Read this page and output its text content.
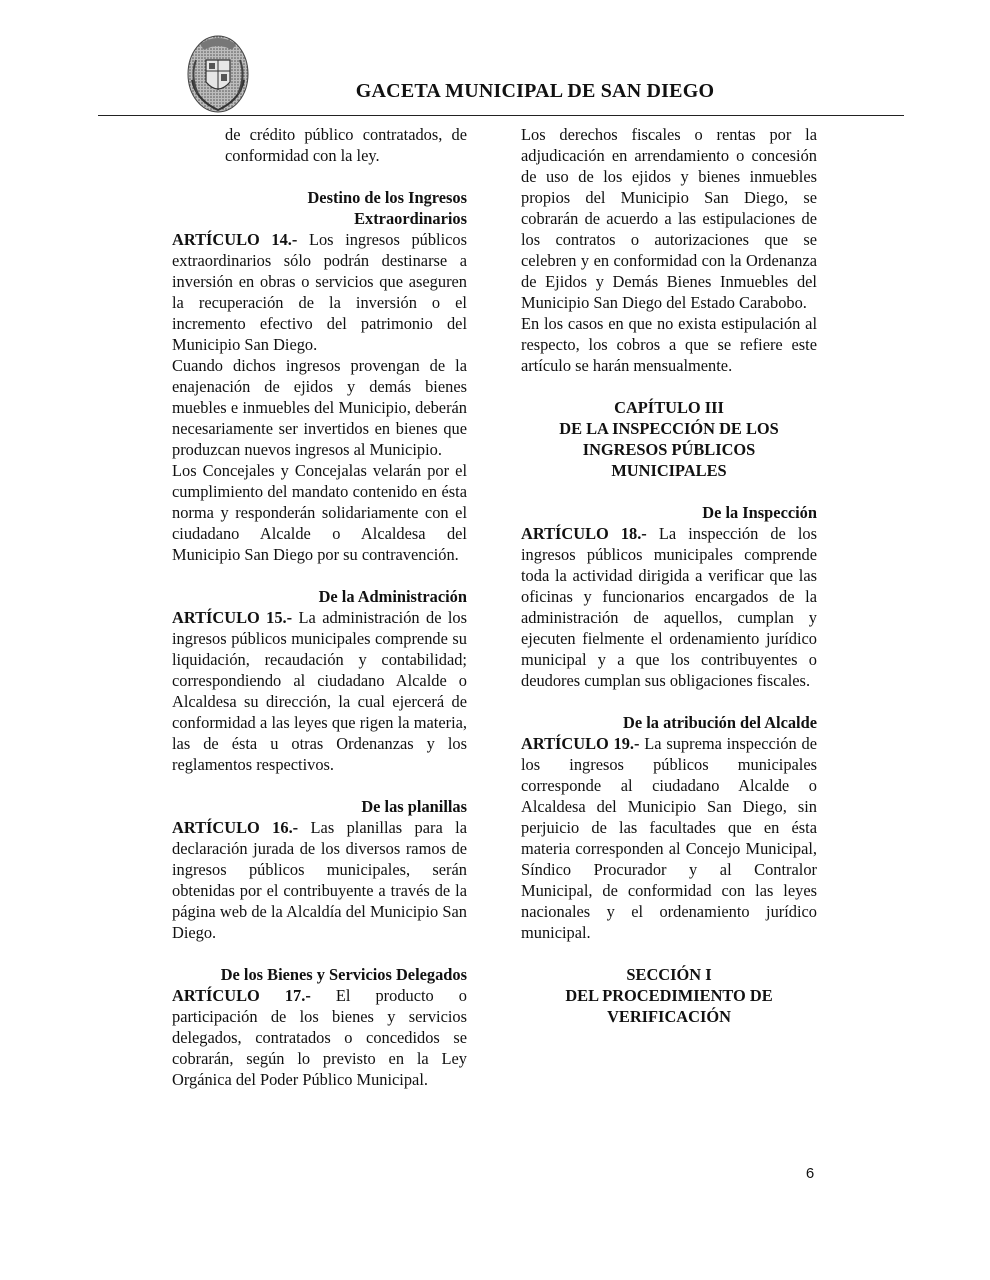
GACETA MUNICIPAL DE SAN DIEGO

de crédito público contratados, de conformidad con la ley.

Destino de los Ingresos

Extraordinarios

ARTÍCULO 14.- Los ingresos públicos extraordinarios sólo podrán destinarse a inversión en obras o servicios que aseguren la recuperación de la inversión o el incremento efectivo del patrimonio del Municipio San Diego.

Cuando dichos ingresos provengan de la enajenación de ejidos y demás bienes muebles e inmuebles del Municipio, deberán necesariamente ser invertidos en bienes que produzcan nuevos ingresos al Municipio.

Los Concejales y Concejalas velarán por el cumplimiento del mandato contenido en ésta norma y responderán solidariamente con el ciudadano Alcalde o Alcaldesa del Municipio San Diego por su contravención.

De la Administración

ARTÍCULO 15.- La administración de los ingresos públicos municipales comprende su liquidación, recaudación y contabilidad; correspondiendo al ciudadano Alcalde o Alcaldesa su dirección, la cual ejercerá de conformidad a las leyes que rigen la materia, las de ésta u otras Ordenanzas y los reglamentos respectivos.

De las planillas

ARTÍCULO 16.- Las planillas para la declaración jurada de los diversos ramos de ingresos públicos municipales, serán obtenidas por el contribuyente a través de la página web de la Alcaldía del Municipio San Diego.

De los Bienes y Servicios Delegados

ARTÍCULO 17.- El producto o participación de los bienes y servicios delegados, contratados o concedidos se cobrarán, según lo previsto en la Ley Orgánica del Poder Público Municipal.

Los derechos fiscales o rentas por la adjudicación en arrendamiento o concesión de uso de los ejidos y bienes inmuebles propios del Municipio San Diego, se cobrarán de acuerdo a las estipulaciones de los contratos o autorizaciones que se celebren y en conformidad con la Ordenanza de Ejidos y Demás Bienes Inmuebles del Municipio San Diego del Estado Carabobo.

En los casos en que no exista estipulación al respecto, los cobros a que se refiere este artículo se harán mensualmente.

CAPÍTULO III

DE LA INSPECCIÓN DE LOS

INGRESOS PÚBLICOS

MUNICIPALES

De la Inspección

ARTÍCULO 18.- La inspección de los ingresos públicos municipales comprende toda la actividad dirigida a verificar que las oficinas y funcionarios encargados de la administración de aquellos, cumplan y ejecuten fielmente el ordenamiento jurídico municipal y a que los contribuyentes o deudores cumplan sus obligaciones fiscales.

De la atribución del Alcalde

ARTÍCULO 19.- La suprema inspección de los ingresos públicos municipales corresponde al ciudadano Alcalde o Alcaldesa del Municipio San Diego, sin perjuicio de las facultades que en ésta materia corresponden al Concejo Municipal, Síndico Procurador y al Contralor Municipal, de conformidad con las leyes nacionales y el ordenamiento jurídico municipal.

SECCIÓN I

DEL PROCEDIMIENTO DE

VERIFICACIÓN

6
